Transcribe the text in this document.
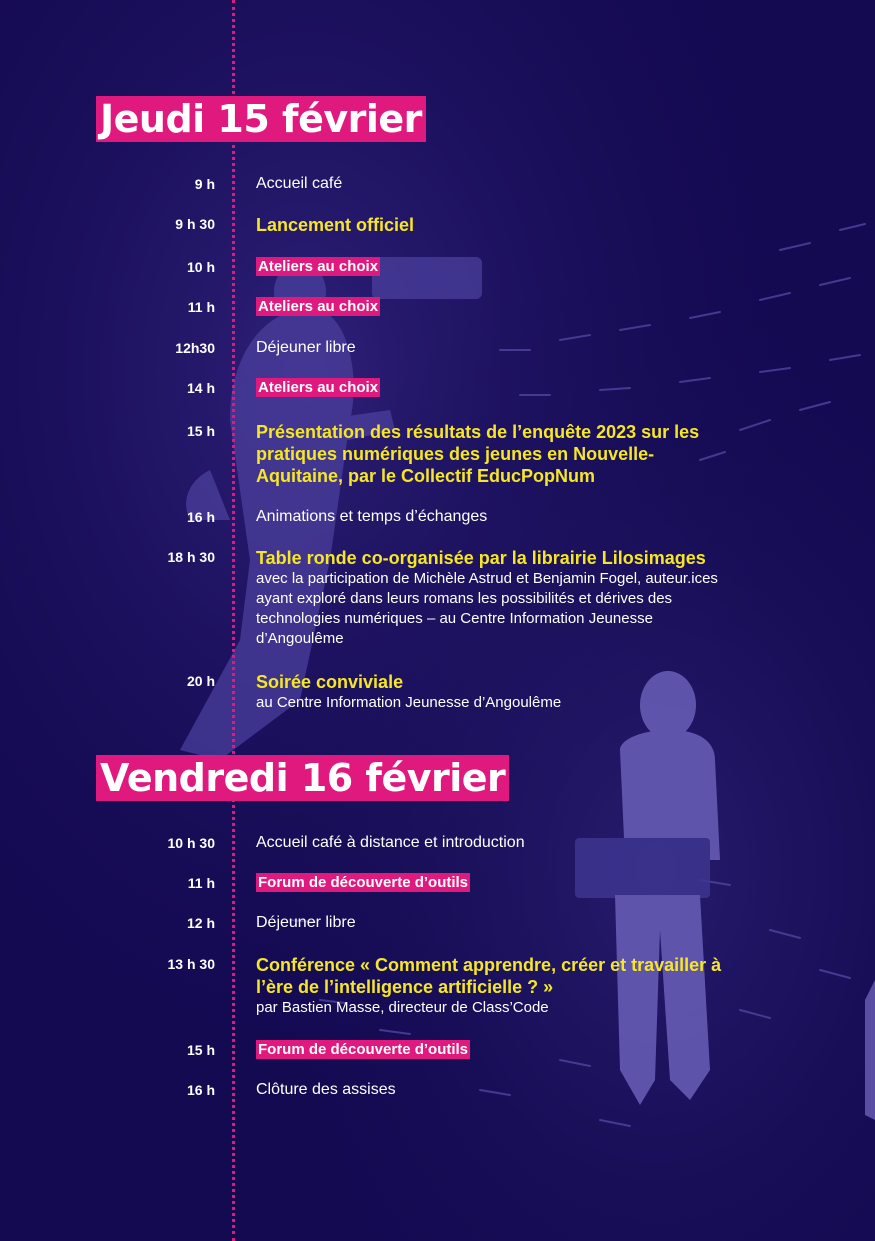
Jeudi 15 février
9 h	Accueil café
9 h 30 Lancement officiel
10 h	Ateliers au choix
11 h	Ateliers au choix
12h30	Déjeuner libre
14 h	Ateliers au choix
15 h Présentation des résultats de l’enquête 2023 sur les pratiques numériques des jeunes en Nouvelle-Aquitaine, par le Collectif EducPopNum
16 h	Animations et temps d’échanges
18 h 30 Table ronde co-organisée par la librairie Lilosimages
avec la participation de Michèle Astrud et Benjamin Fogel, auteur.ices ayant exploré dans leurs romans les possibilités et dérives des technologies numériques – au Centre Information Jeunesse d’Angoulême
20 h Soirée conviviale
au Centre Information Jeunesse d’Angoulême
Vendredi 16 février
10 h 30	Accueil café à distance et introduction
11 h	Forum de découverte d’outils
12 h	Déjeuner libre
13 h 30 Conférence « Comment apprendre, créer et travailler à l’ère de l’intelligence artificielle ? »
par Bastien Masse, directeur de Class’Code
15 h	Forum de découverte d’outils
16 h	Clôture des assises
